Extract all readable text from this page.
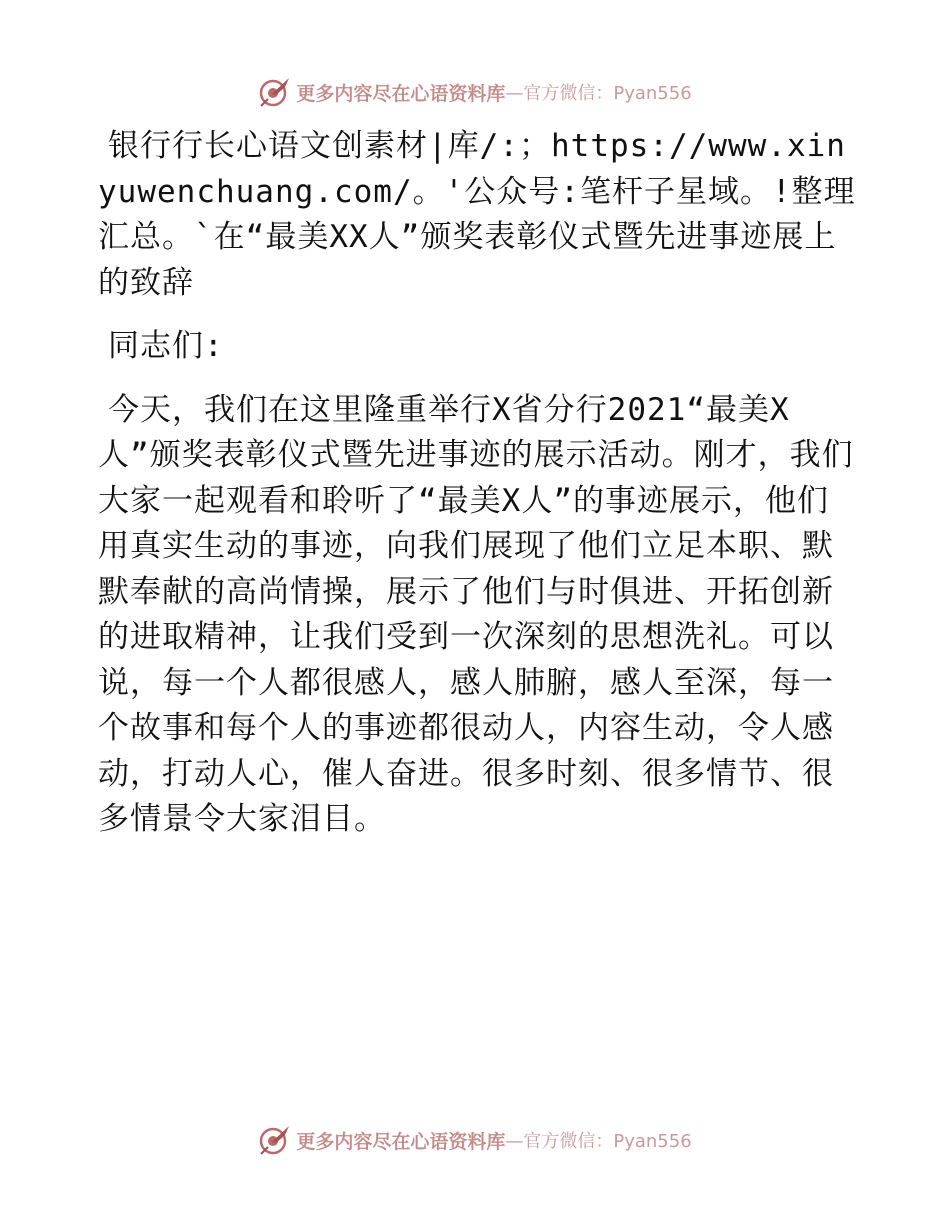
更多内容尽在心语资料库 —官方微信：Pyan556

银行行长心语文创素材|库/:；https://www.xinyuwenchuang.com/。'公众号:笔杆子星域。!整理汇总。`在“最美XX人”颁奖表彰仪式暨先进事迹展上的致辞

同志们:

今天，我们在这里隆重举行X省分行2021“最美X人”颁奖表彰仪式暨先进事迹的展示活动。刚才，我们大家一起观看和聆听了“最美X人”的事迹展示，他们用真实生动的事迹，向我们展现了他们立足本职、默默奉献的高尚情操，展示了他们与时俱进、开拓创新的进取精神，让我们受到一次深刻的思想洗礼。可以说，每一个人都很感人，感人肺腑，感人至深，每一个故事和每个人的事迹都很动人，内容生动，令人感动，打动人心，催人奋进。很多时刻、很多情节、很多情景令大家泪目。

更多内容尽在心语资料库 —官方微信：Pyan556
